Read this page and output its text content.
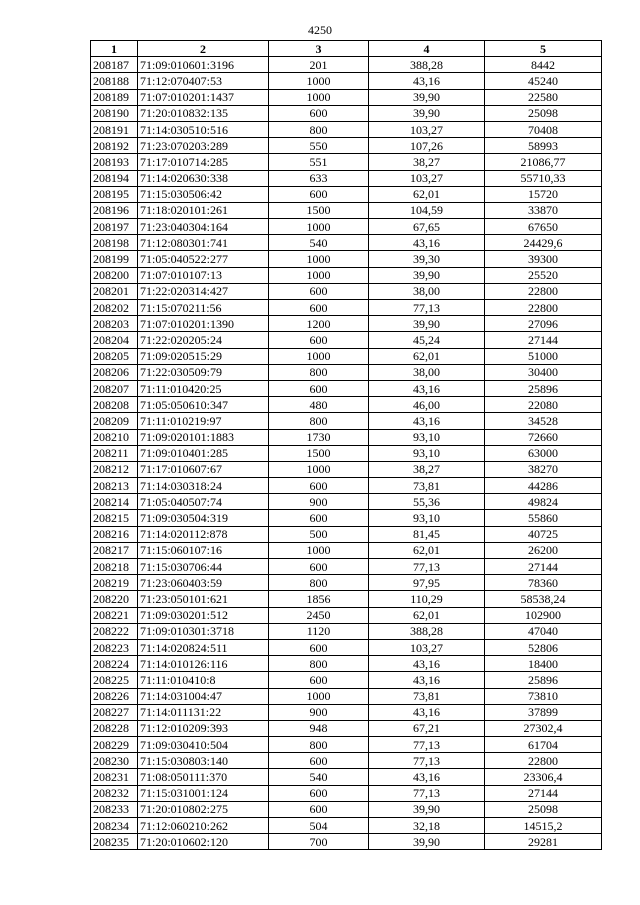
4250
1	2	3	4	5
208187	71:09:010601:3196	201	388,28	8442
208188	71:12:070407:53	1000	43,16	45240
208189	71:07:010201:1437	1000	39,90	22580
208190	71:20:010832:135	600	39,90	25098
208191	71:14:030510:516	800	103,27	70408
208192	71:23:070203:289	550	107,26	58993
208193	71:17:010714:285	551	38,27	21086,77
208194	71:14:020630:338	633	103,27	55710,33
208195	71:15:030506:42	600	62,01	15720
208196	71:18:020101:261	1500	104,59	33870
208197	71:23:040304:164	1000	67,65	67650
208198	71:12:080301:741	540	43,16	24429,6
208199	71:05:040522:277	1000	39,30	39300
208200	71:07:010107:13	1000	39,90	25520
208201	71:22:020314:427	600	38,00	22800
208202	71:15:070211:56	600	77,13	22800
208203	71:07:010201:1390	1200	39,90	27096
208204	71:22:020205:24	600	45,24	27144
208205	71:09:020515:29	1000	62,01	51000
208206	71:22:030509:79	800	38,00	30400
208207	71:11:010420:25	600	43,16	25896
208208	71:05:050610:347	480	46,00	22080
208209	71:11:010219:97	800	43,16	34528
208210	71:09:020101:1883	1730	93,10	72660
208211	71:09:010401:285	1500	93,10	63000
208212	71:17:010607:67	1000	38,27	38270
208213	71:14:030318:24	600	73,81	44286
208214	71:05:040507:74	900	55,36	49824
208215	71:09:030504:319	600	93,10	55860
208216	71:14:020112:878	500	81,45	40725
208217	71:15:060107:16	1000	62,01	26200
208218	71:15:030706:44	600	77,13	27144
208219	71:23:060403:59	800	97,95	78360
208220	71:23:050101:621	1856	110,29	58538,24
208221	71:09:030201:512	2450	62,01	102900
208222	71:09:010301:3718	1120	388,28	47040
208223	71:14:020824:511	600	103,27	52806
208224	71:14:010126:116	800	43,16	18400
208225	71:11:010410:8	600	43,16	25896
208226	71:14:031004:47	1000	73,81	73810
208227	71:14:011131:22	900	43,16	37899
208228	71:12:010209:393	948	67,21	27302,4
208229	71:09:030410:504	800	77,13	61704
208230	71:15:030803:140	600	77,13	22800
208231	71:08:050111:370	540	43,16	23306,4
208232	71:15:031001:124	600	77,13	27144
208233	71:20:010802:275	600	39,90	25098
208234	71:12:060210:262	504	32,18	14515,2
208235	71:20:010602:120	700	39,90	29281
